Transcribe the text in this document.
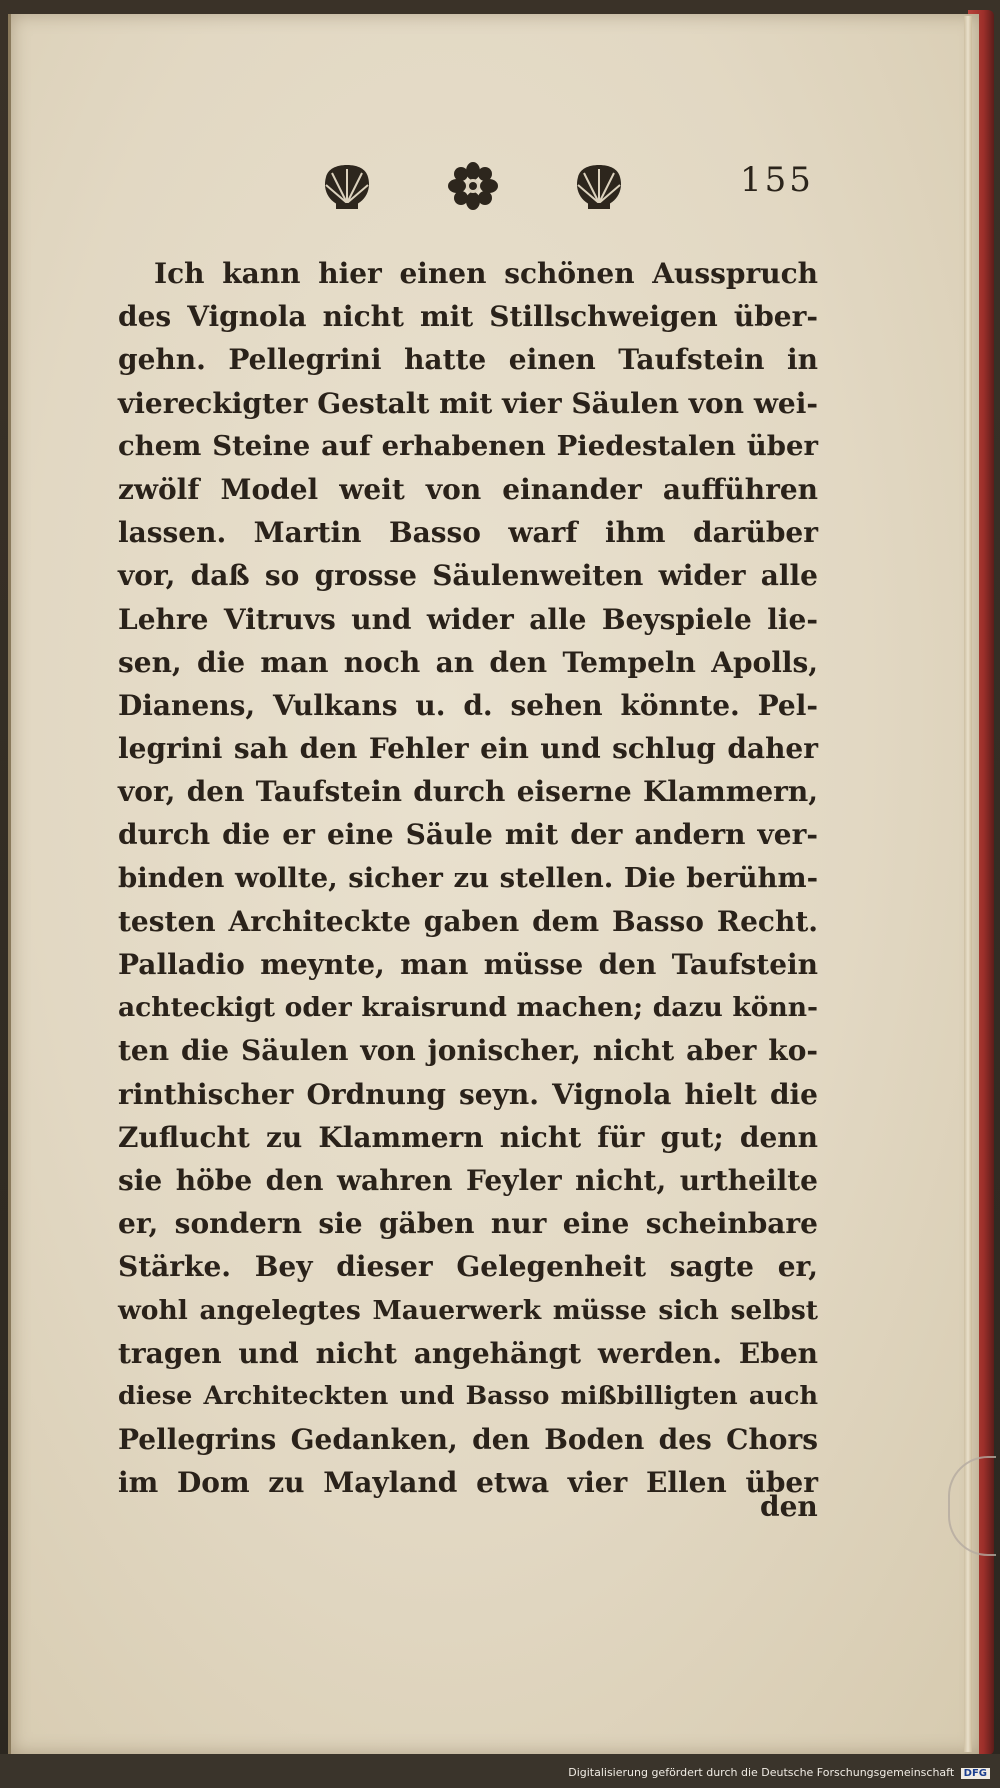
155
Ich kann hier einen schönen Ausspruch
des Vignola nicht mit Stillschweigen über-
gehn. Pellegrini hatte einen Taufstein in
viereckigter Gestalt mit vier Säulen von wei-
chem Steine auf erhabenen Piedestalen über
zwölf Model weit von einander aufführen
lassen. Martin Basso warf ihm darüber
vor, daß so grosse Säulenweiten wider alle
Lehre Vitruvs und wider alle Beyspiele lie-
sen, die man noch an den Tempeln Apolls,
Dianens, Vulkans u. d. sehen könnte. Pel-
legrini sah den Fehler ein und schlug daher
vor, den Taufstein durch eiserne Klammern,
durch die er eine Säule mit der andern ver-
binden wollte, sicher zu stellen. Die berühm-
testen Architeckte gaben dem Basso Recht.
Palladio meynte, man müsse den Taufstein
achteckigt oder kraisrund machen; dazu könn-
ten die Säulen von jonischer, nicht aber ko-
rinthischer Ordnung seyn. Vignola hielt die
Zuflucht zu Klammern nicht für gut; denn
sie höbe den wahren Feyler nicht, urtheilte
er, sondern sie gäben nur eine scheinbare
Stärke. Bey dieser Gelegenheit sagte er,
wohl angelegtes Mauerwerk müsse sich selbst
tragen und nicht angehängt werden. Eben
diese Architeckten und Basso mißbilligten auch
Pellegrins Gedanken, den Boden des Chors
im Dom zu Mayland etwa vier Ellen über
den
Digitalisierung gefördert durch die Deutsche Forschungsgemeinschaft DFG
